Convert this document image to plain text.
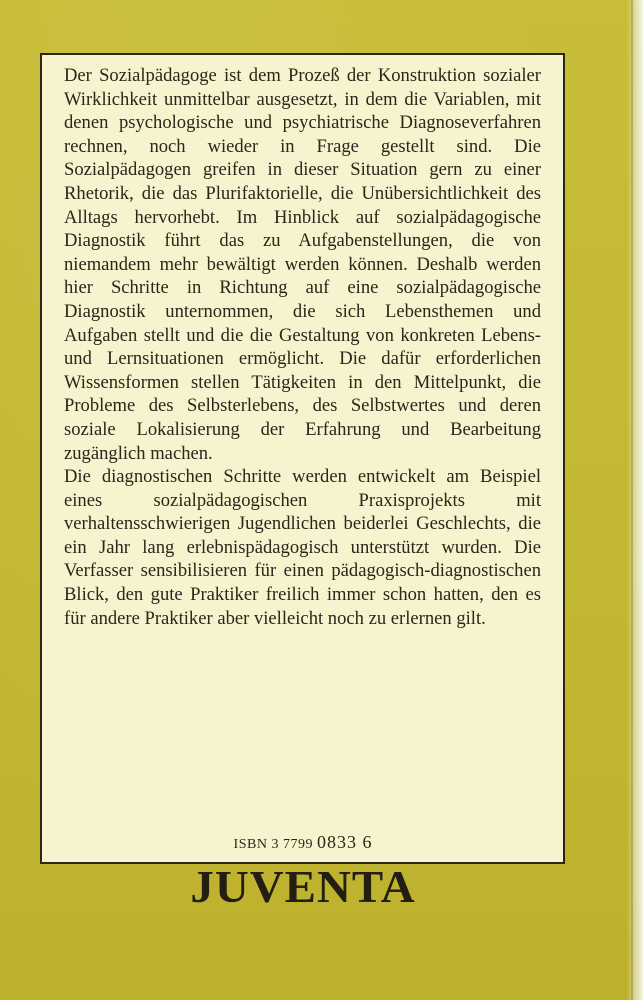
Der Sozialpädagoge ist dem Prozeß der Konstruktion sozialer Wirklichkeit unmittelbar ausgesetzt, in dem die Variablen, mit denen psychologische und psychiatrische Diagnoseverfahren rechnen, noch wieder in Frage gestellt sind. Die Sozialpädagogen greifen in dieser Situation gern zu einer Rhetorik, die das Plurifaktorielle, die Unübersichtlichkeit des Alltags hervorhebt. Im Hinblick auf sozialpädagogische Diagnostik führt das zu Aufgabenstellungen, die von niemandem mehr bewältigt werden können. Deshalb werden hier Schritte in Richtung auf eine sozialpädagogische Diagnostik unternommen, die sich Lebensthemen und Aufgaben stellt und die die Gestaltung von konkreten Lebens- und Lernsituationen ermöglicht. Die dafür erforderlichen Wissensformen stellen Tätigkeiten in den Mittelpunkt, die Probleme des Selbsterlebens, des Selbstwertes und deren soziale Lokalisierung der Erfahrung und Bearbeitung zugänglich machen.

Die diagnostischen Schritte werden entwickelt am Beispiel eines sozialpädagogischen Praxisprojekts mit verhaltensschwierigen Jugendlichen beiderlei Geschlechts, die ein Jahr lang erlebnispädagogisch unterstützt wurden. Die Verfasser sensibilisieren für einen pädagogisch-diagnostischen Blick, den gute Praktiker freilich immer schon hatten, den es für andere Praktiker aber vielleicht noch zu erlernen gilt.

ISBN 3 7799 0833 6
JUVENTA
